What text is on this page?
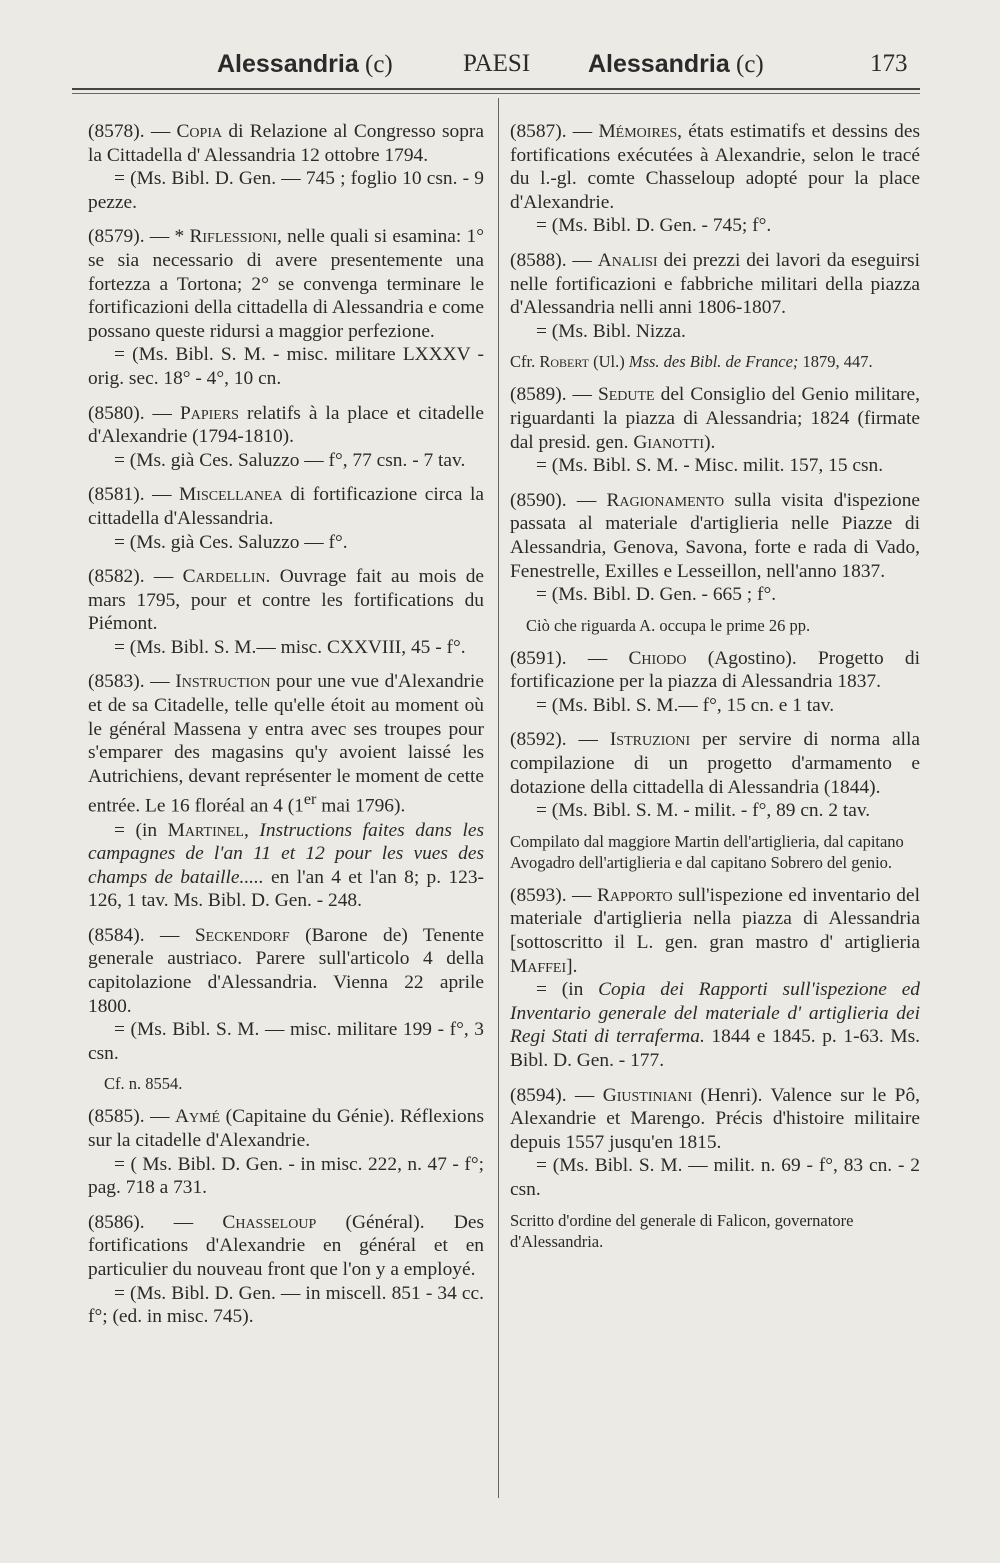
Alessandria (c)	PAESI Alessandria (c)	173

(8578). — Copia di Relazione al Congresso sopra la Cittadella d' Alessandria 12 ottobre 1794.

= (Ms. Bibl. D. Gen. — 745 ; foglio 10 csn. - 9 pezze.

(8579). — * Riflessioni, nelle quali si esamina: 1° se sia necessario di avere presentemente una fortezza a Tortona; 2° se convenga terminare le fortificazioni della cittadella di Alessandria e come possano queste ridursi a maggior perfezione.

= (Ms. Bibl. S. M. - misc. militare LXXXV - orig. sec. 18° - 4°, 10 cn.

(8580). — Papiers relatifs à la place et citadelle d'Alexandrie (1794-1810).

= (Ms. già Ces. Saluzzo — f°, 77 csn. - 7 tav.

(8581). — Miscellanea di fortificazione circa la cittadella d'Alessandria.

= (Ms. già Ces. Saluzzo — f°.

(8582). — Cardellin. Ouvrage fait au mois de mars 1795, pour et contre les fortifications du Piémont.

= (Ms. Bibl. S. M.— misc. CXXVIII, 45 - f°.

(8583). — Instruction pour une vue d'Alexandrie et de sa Citadelle, telle qu'elle étoit au moment où le général Massena y entra avec ses troupes pour s'emparer des magasins qu'y avoient laissé les Autrichiens, devant représenter le moment de cette entrée. Le 16 floréal an 4 (1er mai 1796).

= (in Martinel, Instructions faites dans les campagnes de l'an 11 et 12 pour les vues des champs de bataille..... en l'an 4 et l'an 8; p. 123-126, 1 tav. Ms. Bibl. D. Gen. - 248.

(8584). — Seckendorf (Barone de) Tenente generale austriaco. Parere sull'articolo 4 della capitolazione d'Alessandria. Vienna 22 aprile 1800.

= (Ms. Bibl. S. M. — misc. militare 199 - f°, 3 csn.

Cf. n. 8554.

(8585). — Aymé (Capitaine du Génie). Réflexions sur la citadelle d'Alexandrie.

= ( Ms. Bibl. D. Gen. - in misc. 222, n. 47 - f°; pag. 718 a 731.

(8586). — Chasseloup (Général). Des fortifications d'Alexandrie en général et en particulier du nouveau front que l'on y a employé.

= (Ms. Bibl. D. Gen. — in miscell. 851 - 34 cc. f°; (ed. in misc. 745).

(8587). — Mémoires, états estimatifs et dessins des fortifications exécutées à Alexandrie, selon le tracé du l.-gl. comte Chasseloup adopté pour la place d'Alexandrie.

= (Ms. Bibl. D. Gen. - 745; f°.

(8588). — Analisi dei prezzi dei lavori da eseguirsi nelle fortificazioni e fabbriche militari della piazza d'Alessandria nelli anni 1806-1807.

= (Ms. Bibl. Nizza.

Cfr. Robert (Ul.) Mss. des Bibl. de France; 1879, 447.

(8589). — Sedute del Consiglio del Genio militare, riguardanti la piazza di Alessandria; 1824 (firmate dal presid. gen. Gianotti).

= (Ms. Bibl. S. M. - Misc. milit. 157, 15 csn.

(8590). — Ragionamento sulla visita d'ispezione passata al materiale d'artiglieria nelle Piazze di Alessandria, Genova, Savona, forte e rada di Vado, Fenestrelle, Exilles e Lesseillon, nell'anno 1837.

= (Ms. Bibl. D. Gen. - 665 ; f°.

Ciò che riguarda A. occupa le prime 26 pp.

(8591). — Chiodo (Agostino). Progetto di fortificazione per la piazza di Alessandria 1837.

= (Ms. Bibl. S. M.— f°, 15 cn. e 1 tav.

(8592). — Istruzioni per servire di norma alla compilazione di un progetto d'armamento e dotazione della cittadella di Alessandria (1844).

= (Ms. Bibl. S. M. - milit. - f°, 89 cn. 2 tav.

Compilato dal maggiore Martin dell'artiglieria, dal capitano Avogadro dell'artiglieria e dal capitano Sobrero del genio.

(8593). — Rapporto sull'ispezione ed inventario del materiale d'artiglieria nella piazza di Alessandria [sottoscritto il L. gen. gran mastro d' artiglieria Maffei].

= (in Copia dei Rapporti sull'ispezione ed Inventario generale del materiale d' artiglieria dei Regi Stati di terraferma. 1844 e 1845. p. 1-63. Ms. Bibl. D. Gen. - 177.

(8594). — Giustiniani (Henri). Valence sur le Pô, Alexandrie et Marengo. Précis d'histoire militaire depuis 1557 jusqu'en 1815.

= (Ms. Bibl. S. M. — milit. n. 69 - f°, 83 cn. - 2 csn.

Scritto d'ordine del generale di Falicon, governatore d'Alessandria.
